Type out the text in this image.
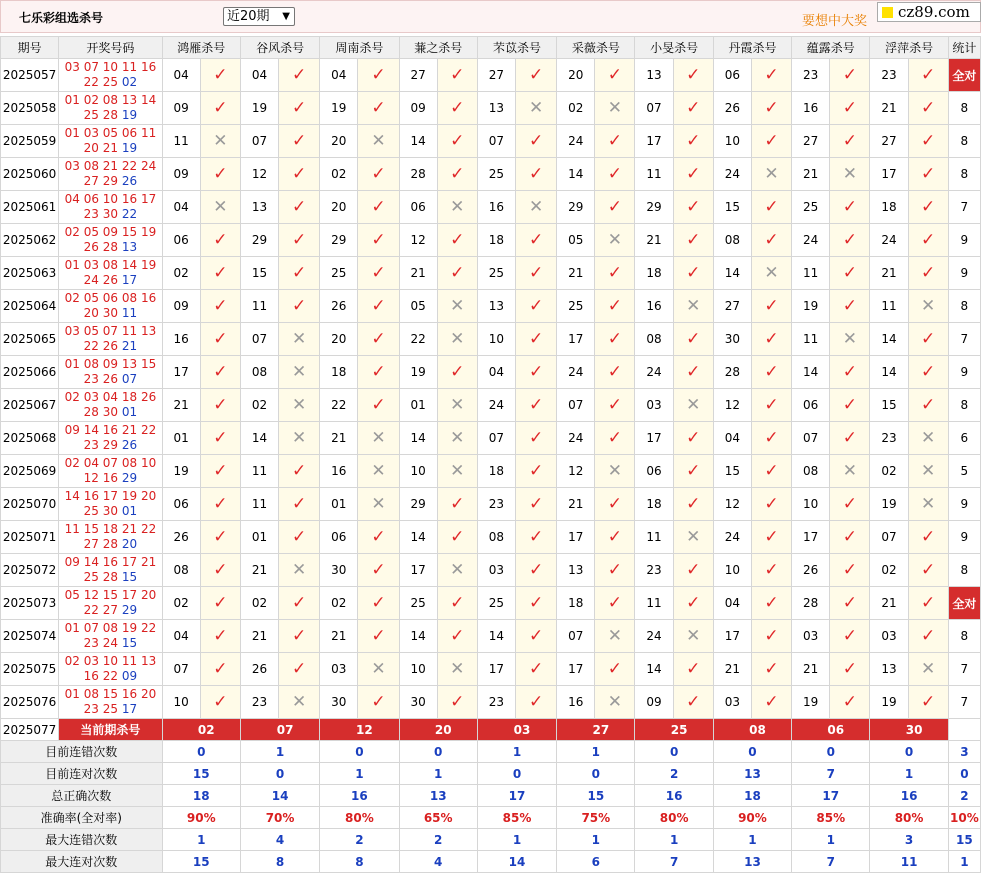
七乐彩组选杀号	近20期 ▼	要想中大奖
cz89.com
期号	开奖号码	鸿雁杀号		谷风杀号		周南杀号		蒹之杀号		芣苡杀号		采薇杀号		小旻杀号		丹霞杀号		蕴露杀号		浮萍杀号		统计
2025057	03 07 10 11 16
22 25 02	04	✓	04	✓	04	✓	27	✓	27	✓	20	✓	13	✓	06	✓	23	✓	23	✓	全对
2025058	01 02 08 13 14
25 28 19	09	✓	19	✓	19	✓	09	✓	13	✕	02	✕	07	✓	26	✓	16	✓	21	✓	8
2025059	01 03 05 06 11
20 21 19	11	✕	07	✓	20	✕	14	✓	07	✓	24	✓	17	✓	10	✓	27	✓	27	✓	8
2025060	03 08 21 22 24
27 29 26	09	✓	12	✓	02	✓	28	✓	25	✓	14	✓	11	✓	24	✕	21	✕	17	✓	8
2025061	04 06 10 16 17
23 30 22	04	✕	13	✓	20	✓	06	✕	16	✕	29	✓	29	✓	15	✓	25	✓	18	✓	7
2025062	02 05 09 15 19
26 28 13	06	✓	29	✓	29	✓	12	✓	18	✓	05	✕	21	✓	08	✓	24	✓	24	✓	9
2025063	01 03 08 14 19
24 26 17	02	✓	15	✓	25	✓	21	✓	25	✓	21	✓	18	✓	14	✕	11	✓	21	✓	9
2025064	02 05 06 08 16
20 30 11	09	✓	11	✓	26	✓	05	✕	13	✓	25	✓	16	✕	27	✓	19	✓	11	✕	8
2025065	03 05 07 11 13
22 26 21	16	✓	07	✕	20	✓	22	✕	10	✓	17	✓	08	✓	30	✓	11	✕	14	✓	7
2025066	01 08 09 13 15
23 26 07	17	✓	08	✕	18	✓	19	✓	04	✓	24	✓	24	✓	28	✓	14	✓	14	✓	9
2025067	02 03 04 18 26
28 30 01	21	✓	02	✕	22	✓	01	✕	24	✓	07	✓	03	✕	12	✓	06	✓	15	✓	8
2025068	09 14 16 21 22
23 29 26	01	✓	14	✕	21	✕	14	✕	07	✓	24	✓	17	✓	04	✓	07	✓	23	✕	6
2025069	02 04 07 08 10
12 16 29	19	✓	11	✓	16	✕	10	✕	18	✓	12	✕	06	✓	15	✓	08	✕	02	✕	5
2025070	14 16 17 19 20
25 30 01	06	✓	11	✓	01	✕	29	✓	23	✓	21	✓	18	✓	12	✓	10	✓	19	✕	9
2025071	11 15 18 21 22
27 28 20	26	✓	01	✓	06	✓	14	✓	08	✓	17	✓	11	✕	24	✓	17	✓	07	✓	9
2025072	09 14 16 17 21
25 28 15	08	✓	21	✕	30	✓	17	✕	03	✓	13	✓	23	✓	10	✓	26	✓	02	✓	8
2025073	05 12 15 17 20
22 27 29	02	✓	02	✓	02	✓	25	✓	25	✓	18	✓	11	✓	04	✓	28	✓	21	✓	全对
2025074	01 07 08 19 22
23 24 15	04	✓	21	✓	21	✓	14	✓	14	✓	07	✕	24	✕	17	✓	03	✓	03	✓	8
2025075	02 03 10 11 13
16 22 09	07	✓	26	✓	03	✕	10	✕	17	✓	17	✓	14	✓	21	✓	21	✓	13	✕	7
2025076	01 08 15 16 20
23 25 17	10	✓	23	✕	30	✓	30	✓	23	✓	16	✕	09	✓	03	✓	19	✓	19	✓	7
2025077	当前期杀号	02		07		12		20		03		27		25		08		06		30		
目前连错次数		0		1		0		0		1		1		0		0		0		0		3
目前连对次数		15		0		1		1		0		0		2		13		7		1		0
总正确次数		18		14		16		13		17		15		16		18		17		16		2
准确率(全对率)		90%		70%		80%		65%		85%		75%		80%		90%		85%		80%		10%
最大连错次数		1		4		2		2		1		1		1		1		1		3		15
最大连对次数		15		8		8		4		14		6		7		13		7		11		1
